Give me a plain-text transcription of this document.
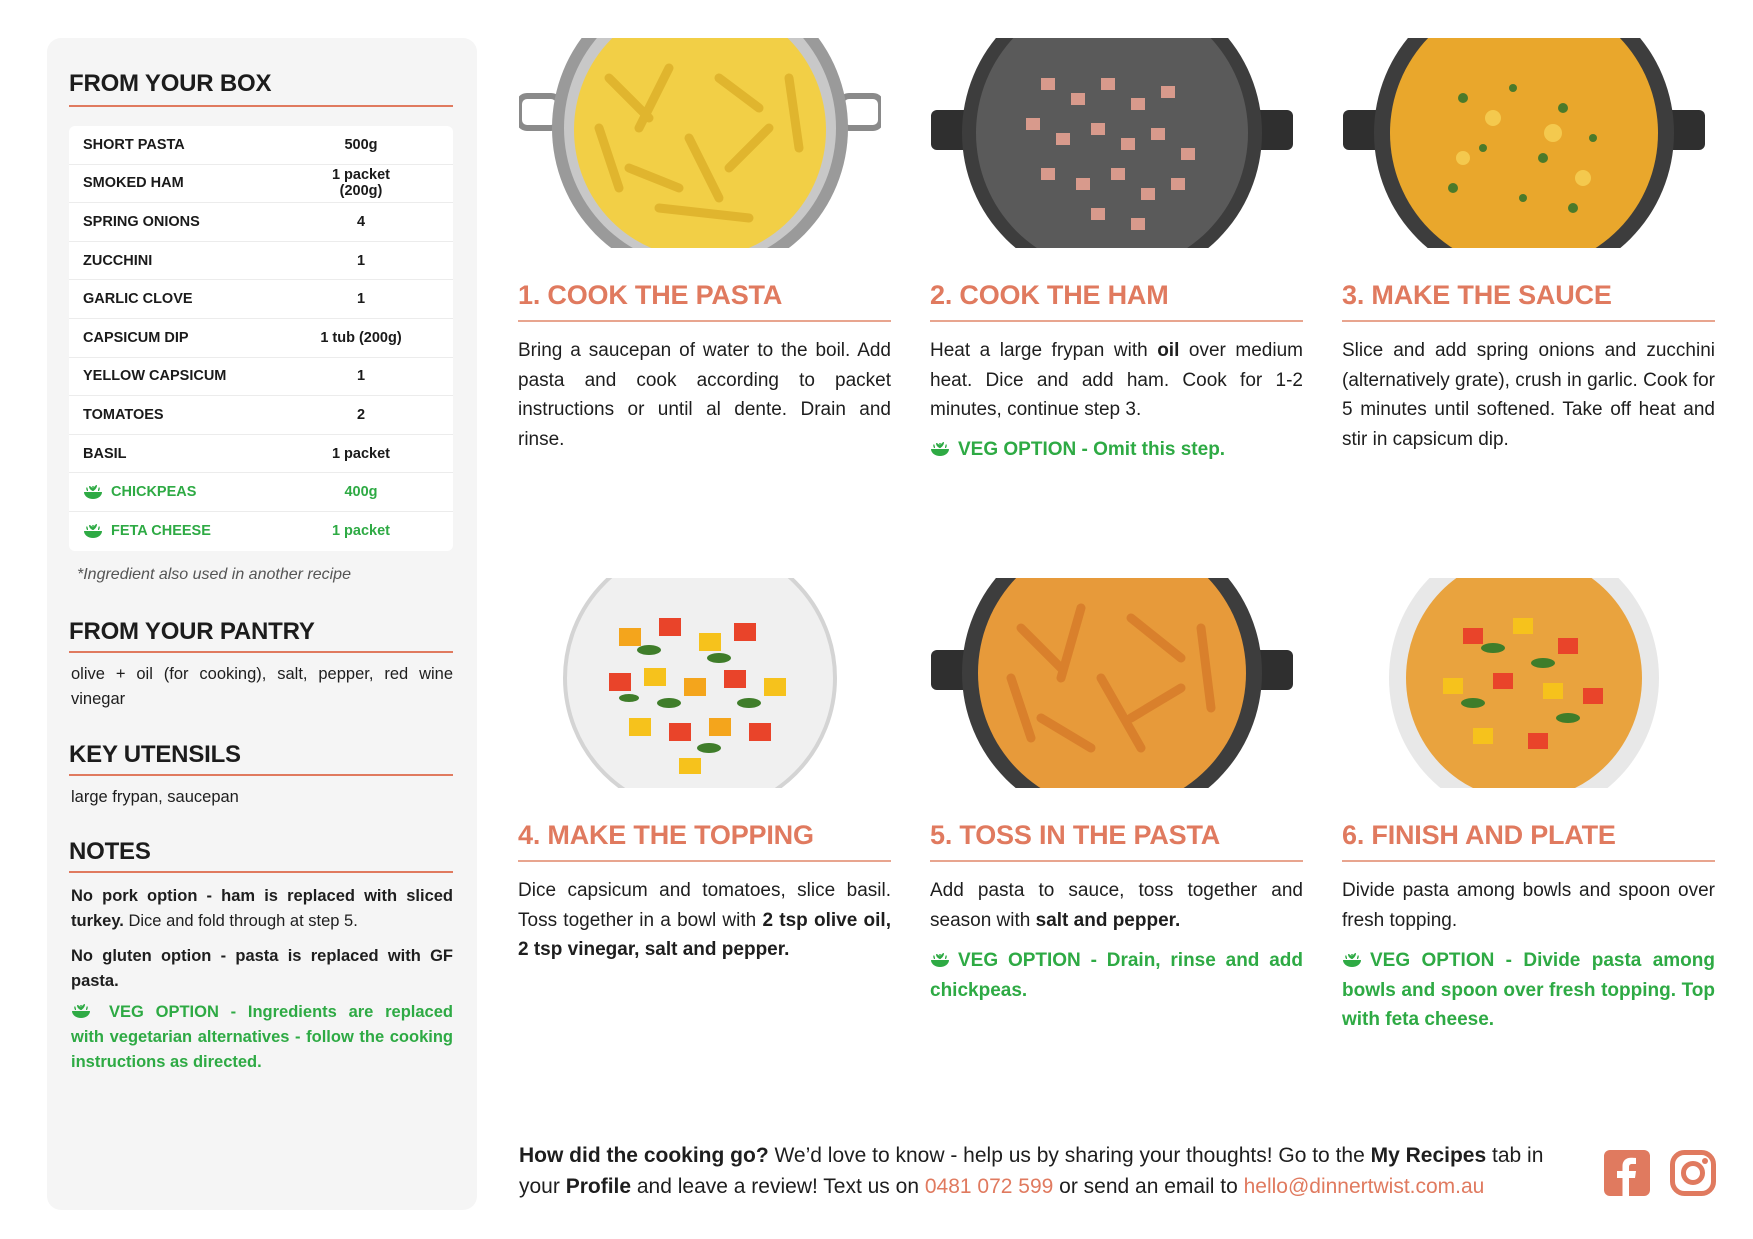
FROM YOUR BOX
SHORT PASTA	500g
SMOKED HAM	1 packet (200g)
SPRING ONIONS	4
ZUCCHINI	1
GARLIC CLOVE	1
CAPSICUM DIP	1 tub (200g)
YELLOW CAPSICUM	1
TOMATOES	2
BASIL	1 packet
CHICKPEAS	400g
FETA CHEESE	1 packet
*Ingredient also used in another recipe
FROM YOUR PANTRY
olive + oil (for cooking), salt, pepper, red wine vinegar
KEY UTENSILS
large frypan, saucepan
NOTES
No pork option - ham is replaced with sliced turkey. Dice and fold through at step 5.
No gluten option - pasta is replaced with GF pasta.
VEG OPTION - Ingredients are replaced with vegetarian alternatives - follow the cooking instructions as directed.
1. COOK THE PASTA
Bring a saucepan of water to the boil. Add pasta and cook according to packet instructions or until al dente. Drain and rinse.
2. COOK THE HAM
Heat a large frypan with oil over medium heat. Dice and add ham. Cook for 1-2 minutes, continue step 3.
VEG OPTION - Omit this step.
3. MAKE THE SAUCE
Slice and add spring onions and zucchini (alternatively grate), crush in garlic. Cook for 5 minutes until softened. Take off heat and stir in capsicum dip.
4. MAKE THE TOPPING
Dice capsicum and tomatoes, slice basil. Toss together in a bowl with 2 tsp olive oil, 2 tsp vinegar, salt and pepper.
5. TOSS IN THE PASTA
Add pasta to sauce, toss together and season with salt and pepper.
VEG OPTION - Drain, rinse and add chickpeas.
6. FINISH AND PLATE
Divide pasta among bowls and spoon over fresh topping.
VEG OPTION - Divide pasta among bowls and spoon over fresh topping. Top with feta cheese.
How did the cooking go? We’d love to know - help us by sharing your thoughts! Go to the My Recipes tab in your Profile and leave a review! Text us on 0481 072 599 or send an email to hello@dinnertwist.com.au
